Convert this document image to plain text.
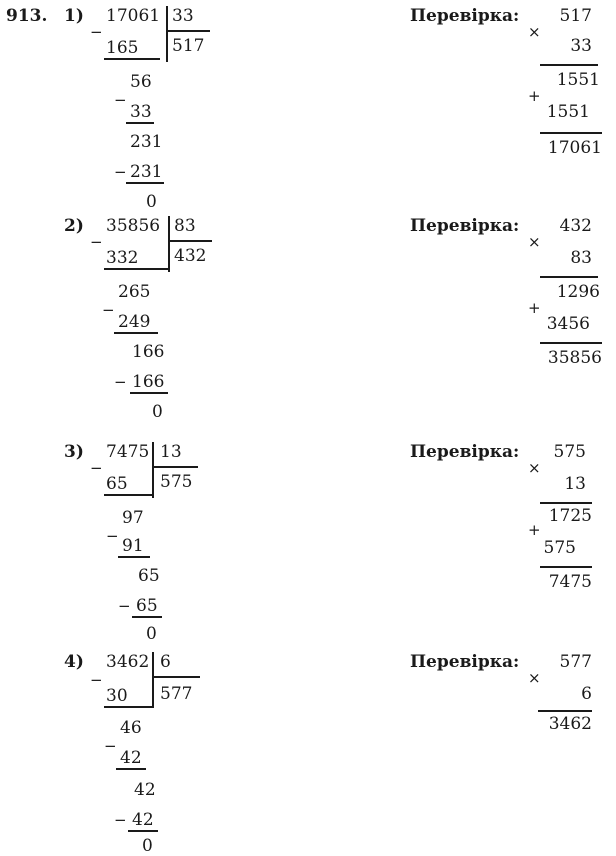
913. 1)
−
17061 33
517
165
−
56
33
231
− 231
0
Перевірка:
×
517
33
1551
+
1551
17061
2)
−
35856 83
432
332
−
265
249
166
− 166
0
Перевірка:
×
432
83
1296
+
3456
35856
3)
−
7475 13
575
65
−
97
91
65
− 65
0
Перевірка:
×
575
13
1725
+
575
7475
4)
−
3462 6
577
30
−
46
42
42
− 42
0
Перевірка:
×
577
6
3462
